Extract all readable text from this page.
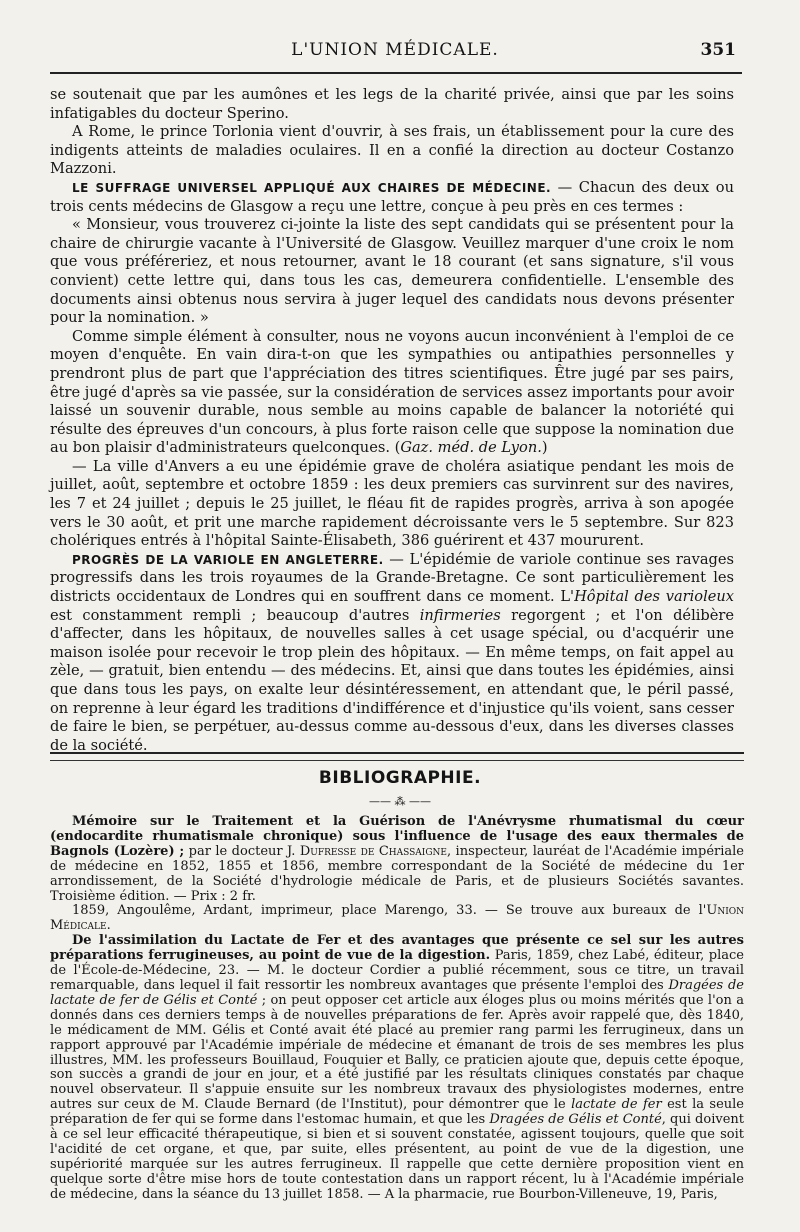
L'UNION MÉDICALE.	351

se soutenait que par les aumônes et les legs de la charité privée, ainsi que par les soins infatigables du docteur Sperino.

A Rome, le prince Torlonia vient d'ouvrir, à ses frais, un établissement pour la cure des indigents atteints de maladies oculaires. Il en a confié la direction au docteur Costanzo Mazzoni.

LE SUFFRAGE UNIVERSEL APPLIQUÉ AUX CHAIRES DE MÉDECINE. — Chacun des deux ou trois cents médecins de Glasgow a reçu une lettre, conçue à peu près en ces termes :

« Monsieur, vous trouverez ci-jointe la liste des sept candidats qui se présentent pour la chaire de chirurgie vacante à l'Université de Glasgow. Veuillez marquer d'une croix le nom que vous préféreriez, et nous retourner, avant le 18 courant (et sans signature, s'il vous convient) cette lettre qui, dans tous les cas, demeurera confidentielle. L'ensemble des documents ainsi obtenus nous servira à juger lequel des candidats nous devons présenter pour la nomination. »

Comme simple élément à consulter, nous ne voyons aucun inconvénient à l'emploi de ce moyen d'enquête. En vain dira-t-on que les sympathies ou antipathies personnelles y prendront plus de part que l'appréciation des titres scientifiques. Être jugé par ses pairs, être jugé d'après sa vie passée, sur la considération de services assez importants pour avoir laissé un souvenir durable, nous semble au moins capable de balancer la notoriété qui résulte des épreuves d'un concours, à plus forte raison celle que suppose la nomination due au bon plaisir d'administrateurs quelconques. (Gaz. méd. de Lyon.)

— La ville d'Anvers a eu une épidémie grave de choléra asiatique pendant les mois de juillet, août, septembre et octobre 1859 : les deux premiers cas survinrent sur des navires, les 7 et 24 juillet ; depuis le 25 juillet, le fléau fit de rapides progrès, arriva à son apogée vers le 30 août, et prit une marche rapidement décroissante vers le 5 septembre. Sur 823 cholériques entrés à l'hôpital Sainte-Élisabeth, 386 guérirent et 437 moururent.

PROGRÈS DE LA VARIOLE EN ANGLETERRE. — L'épidémie de variole continue ses ravages progressifs dans les trois royaumes de la Grande-Bretagne. Ce sont particulièrement les districts occidentaux de Londres qui en souffrent dans ce moment. L'Hôpital des varioleux est constamment rempli ; beaucoup d'autres infirmeries regorgent ; et l'on délibère d'affecter, dans les hôpitaux, de nouvelles salles à cet usage spécial, ou d'acquérir une maison isolée pour recevoir le trop plein des hôpitaux. — En même temps, on fait appel au zèle, — gratuit, bien entendu — des médecins. Et, ainsi que dans toutes les épidémies, ainsi que dans tous les pays, on exalte leur désintéressement, en attendant que, le péril passé, on reprenne à leur égard les traditions d'indifférence et d'injustice qu'ils voient, sans cesser de faire le bien, se perpétuer, au-dessus comme au-dessous d'eux, dans les diverses classes de la société.

BIBLIOGRAPHIE.
—— ⁂ ——

Mémoire sur le Traitement et la Guérison de l'Anévrysme rhumatismal du cœur (endocardite rhumatismale chronique) sous l'influence de l'usage des eaux thermales de Bagnols (Lozère) ; par le docteur J. Dufresse de Chassaigne, inspecteur, lauréat de l'Académie impériale de médecine en 1852, 1855 et 1856, membre correspondant de la Société de médecine du 1er arrondissement, de la Société d'hydrologie médicale de Paris, et de plusieurs Sociétés savantes. Troisième édition. — Prix : 2 fr.

1859, Angoulême, Ardant, imprimeur, place Marengo, 33. — Se trouve aux bureaux de l'Union Médicale.

De l'assimilation du Lactate de Fer et des avantages que présente ce sel sur les autres préparations ferrugineuses, au point de vue de la digestion. Paris, 1859, chez Labé, éditeur, place de l'École-de-Médecine, 23. — M. le docteur Cordier a publié récemment, sous ce titre, un travail remarquable, dans lequel il fait ressortir les nombreux avantages que présente l'emploi des Dragées de lactate de fer de Gélis et Conté ; on peut opposer cet article aux éloges plus ou moins mérités que l'on a donnés dans ces derniers temps à de nouvelles préparations de fer. Après avoir rappelé que, dès 1840, le médicament de MM. Gélis et Conté avait été placé au premier rang parmi les ferrugineux, dans un rapport approuvé par l'Académie impériale de médecine et émanant de trois de ses membres les plus illustres, MM. les professeurs Bouillaud, Fouquier et Bally, ce praticien ajoute que, depuis cette époque, son succès a grandi de jour en jour, et a été justifié par les résultats cliniques constatés par chaque nouvel observateur. Il s'appuie ensuite sur les nombreux travaux des physiologistes modernes, entre autres sur ceux de M. Claude Bernard (de l'Institut), pour démontrer que le lactate de fer est la seule préparation de fer qui se forme dans l'estomac humain, et que les Dragées de Gélis et Conté, qui doivent à ce sel leur efficacité thérapeutique, si bien et si souvent constatée, agissent toujours, quelle que soit l'acidité de cet organe, et que, par suite, elles présentent, au point de vue de la digestion, une supériorité marquée sur les autres ferrugineux. Il rappelle que cette dernière proposition vient en quelque sorte d'être mise hors de toute contestation dans un rapport récent, lu à l'Académie impériale de médecine, dans la séance du 13 juillet 1858. — A la pharmacie, rue Bourbon-Villeneuve, 19, Paris,
